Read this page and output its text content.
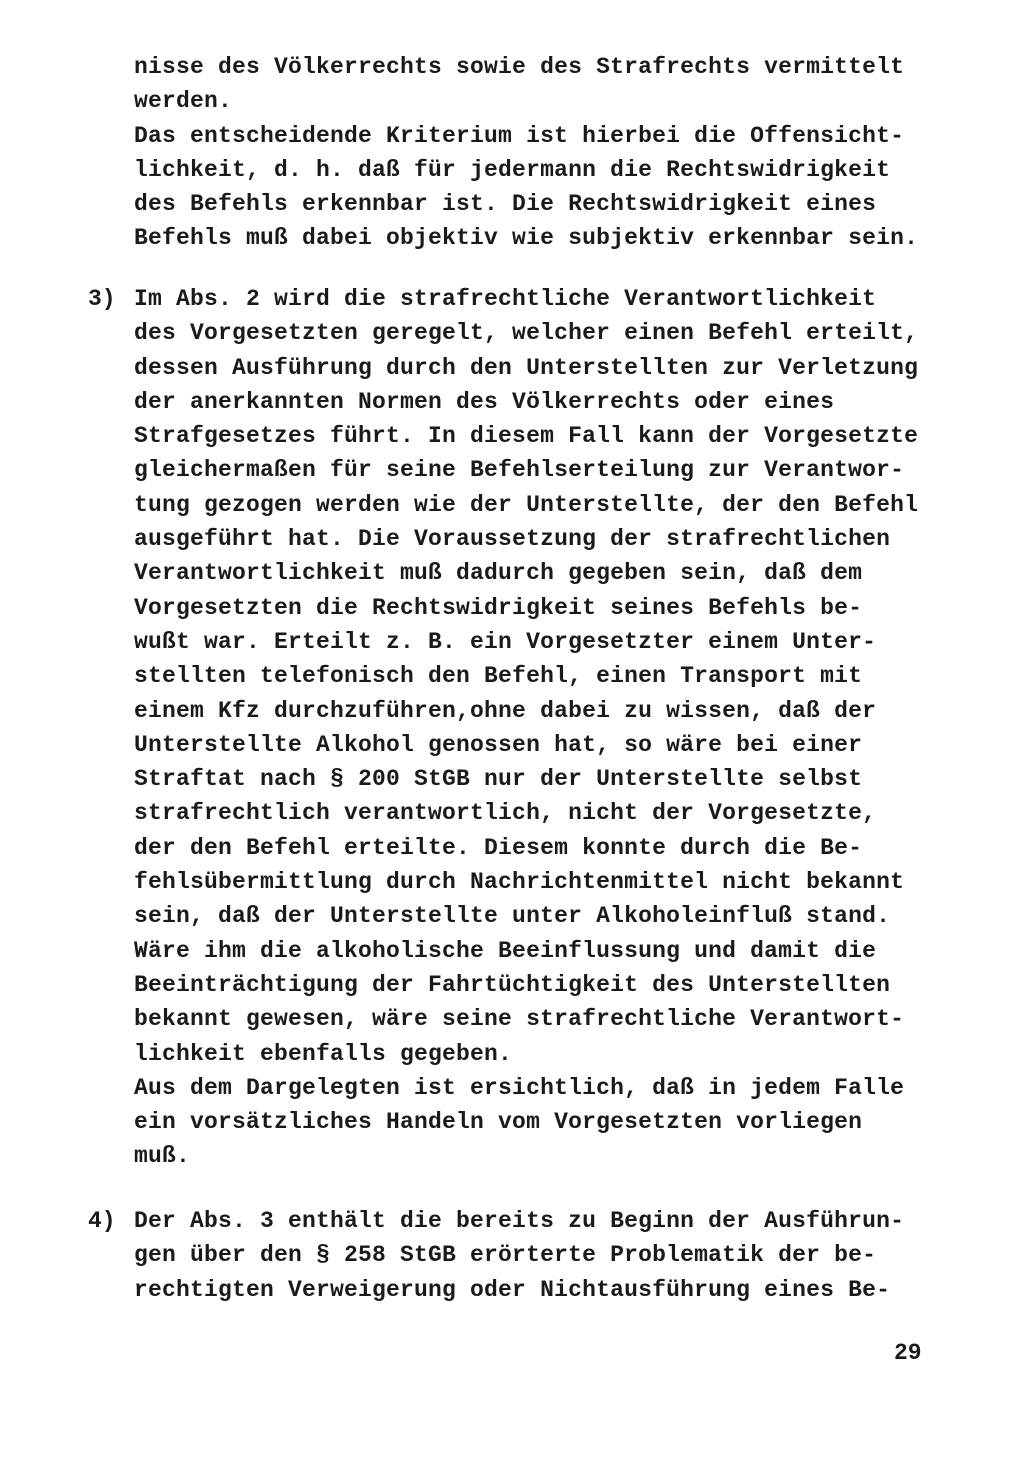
nisse des Völkerrechts sowie des Strafrechts vermittelt
werden.
Das entscheidende Kriterium ist hierbei die Offensicht-
lichkeit, d. h. daß für jedermann die Rechtswidrigkeit
des Befehls erkennbar ist. Die Rechtswidrigkeit eines
Befehls muß dabei objektiv wie subjektiv erkennbar sein.
3) Im Abs. 2 wird die strafrechtliche Verantwortlichkeit
des Vorgesetzten geregelt, welcher einen Befehl erteilt,
dessen Ausführung durch den Unterstellten zur Verletzung
der anerkannten Normen des Völkerrechts oder eines
Strafgesetzes führt. In diesem Fall kann der Vorgesetzte
gleichermaßen für seine Befehlserteilung zur Verantwor-
tung gezogen werden wie der Unterstellte, der den Befehl
ausgeführt hat. Die Voraussetzung der strafrechtlichen
Verantwortlichkeit muß dadurch gegeben sein, daß dem
Vorgesetzten die Rechtswidrigkeit seines Befehls be-
wußt war. Erteilt z. B. ein Vorgesetzter einem Unter-
stellten telefonisch den Befehl, einen Transport mit
einem Kfz durchzuführen,ohne dabei zu wissen, daß der
Unterstellte Alkohol genossen hat, so wäre bei einer
Straftat nach § 200 StGB nur der Unterstellte selbst
strafrechtlich verantwortlich, nicht der Vorgesetzte,
der den Befehl erteilte. Diesem konnte durch die Be-
fehlsübermittlung durch Nachrichtenmittel nicht bekannt
sein, daß der Unterstellte unter Alkoholeinfluß stand.
Wäre ihm die alkoholische Beeinflussung und damit die
Beeinträchtigung der Fahrtüchtigkeit des Unterstellten
bekannt gewesen, wäre seine strafrechtliche Verantwort-
lichkeit ebenfalls gegeben.
Aus dem Dargelegten ist ersichtlich, daß in jedem Falle
ein vorsätzliches Handeln vom Vorgesetzten vorliegen
muß.
4) Der Abs. 3 enthält die bereits zu Beginn der Ausführun-
gen über den § 258 StGB erörterte Problematik der be-
rechtigten Verweigerung oder Nichtausführung eines Be-
29
